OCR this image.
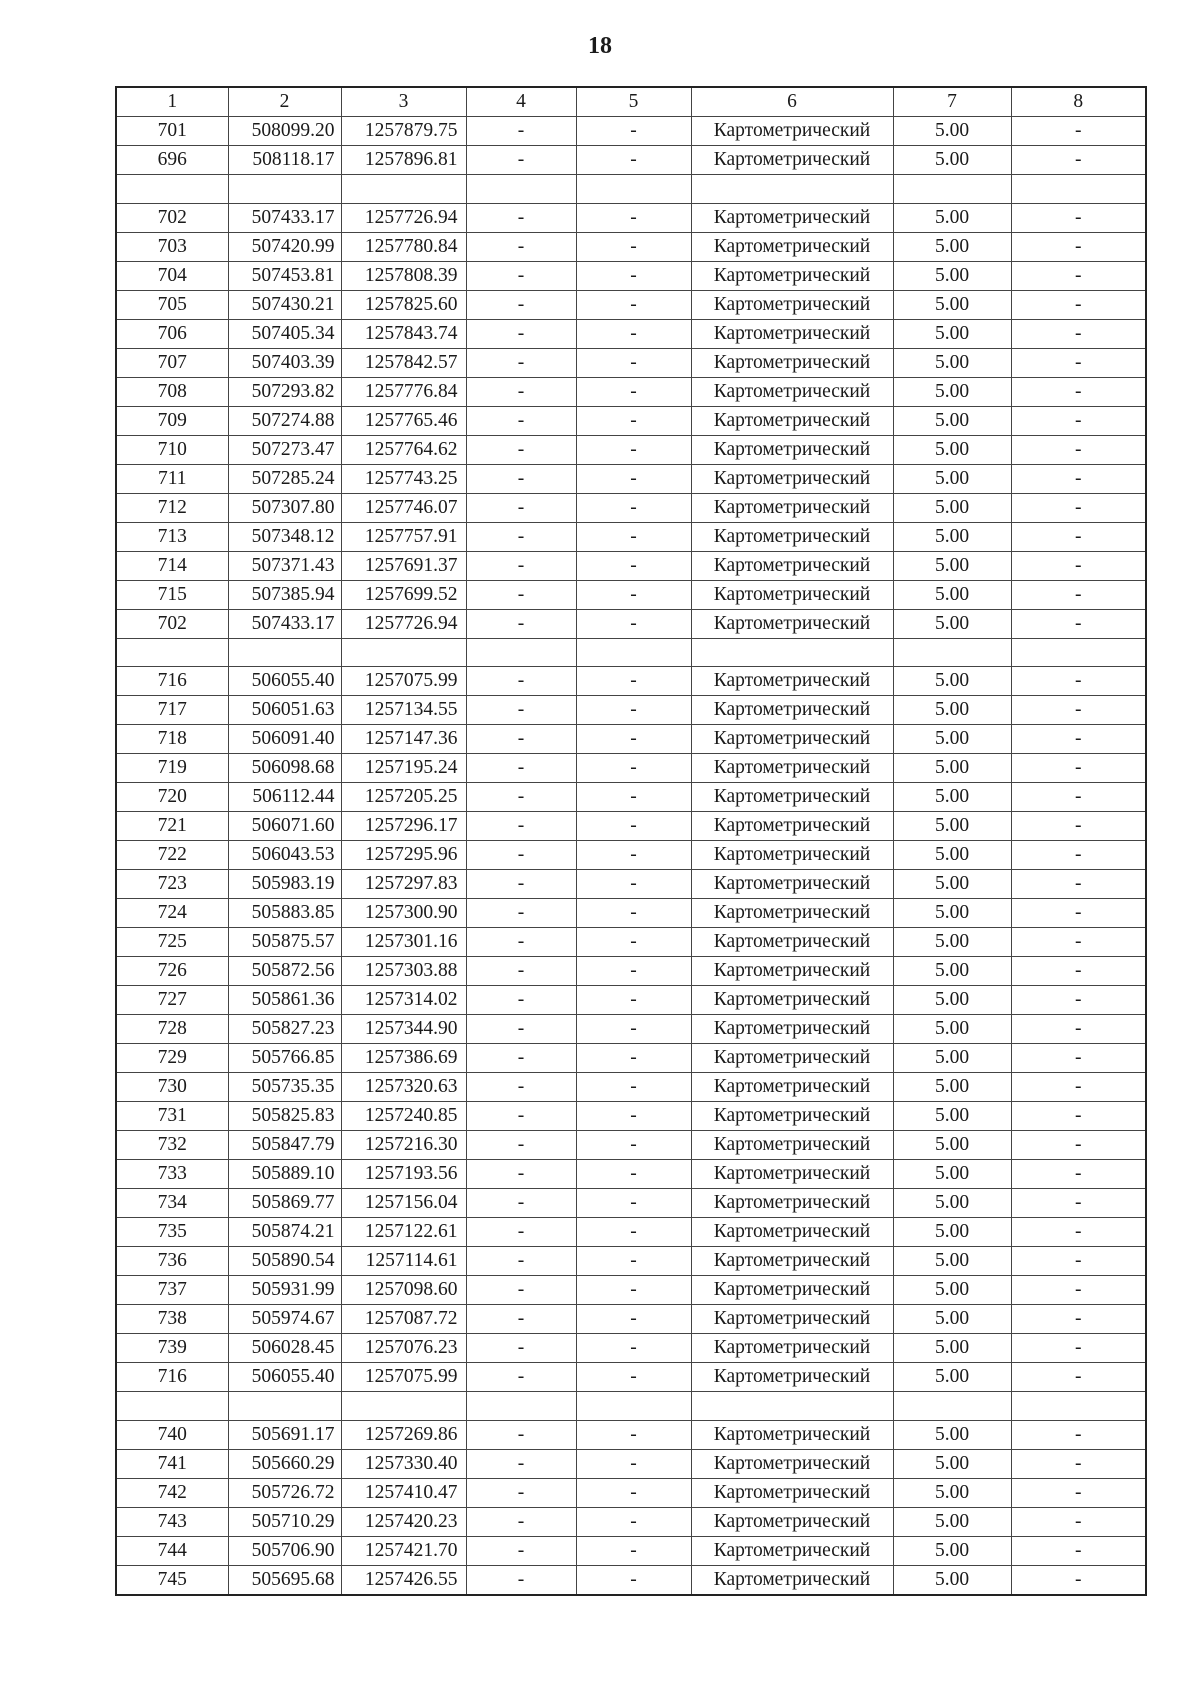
18
1	2	3	4	5	6	7	8
701	508099.20	1257879.75	-	-	Картометрический	5.00	-
696	508118.17	1257896.81	-	-	Картометрический	5.00	-

702	507433.17	1257726.94	-	-	Картометрический	5.00	-
703	507420.99	1257780.84	-	-	Картометрический	5.00	-
704	507453.81	1257808.39	-	-	Картометрический	5.00	-
705	507430.21	1257825.60	-	-	Картометрический	5.00	-
706	507405.34	1257843.74	-	-	Картометрический	5.00	-
707	507403.39	1257842.57	-	-	Картометрический	5.00	-
708	507293.82	1257776.84	-	-	Картометрический	5.00	-
709	507274.88	1257765.46	-	-	Картометрический	5.00	-
710	507273.47	1257764.62	-	-	Картометрический	5.00	-
711	507285.24	1257743.25	-	-	Картометрический	5.00	-
712	507307.80	1257746.07	-	-	Картометрический	5.00	-
713	507348.12	1257757.91	-	-	Картометрический	5.00	-
714	507371.43	1257691.37	-	-	Картометрический	5.00	-
715	507385.94	1257699.52	-	-	Картометрический	5.00	-
702	507433.17	1257726.94	-	-	Картометрический	5.00	-

716	506055.40	1257075.99	-	-	Картометрический	5.00	-
717	506051.63	1257134.55	-	-	Картометрический	5.00	-
718	506091.40	1257147.36	-	-	Картометрический	5.00	-
719	506098.68	1257195.24	-	-	Картометрический	5.00	-
720	506112.44	1257205.25	-	-	Картометрический	5.00	-
721	506071.60	1257296.17	-	-	Картометрический	5.00	-
722	506043.53	1257295.96	-	-	Картометрический	5.00	-
723	505983.19	1257297.83	-	-	Картометрический	5.00	-
724	505883.85	1257300.90	-	-	Картометрический	5.00	-
725	505875.57	1257301.16	-	-	Картометрический	5.00	-
726	505872.56	1257303.88	-	-	Картометрический	5.00	-
727	505861.36	1257314.02	-	-	Картометрический	5.00	-
728	505827.23	1257344.90	-	-	Картометрический	5.00	-
729	505766.85	1257386.69	-	-	Картометрический	5.00	-
730	505735.35	1257320.63	-	-	Картометрический	5.00	-
731	505825.83	1257240.85	-	-	Картометрический	5.00	-
732	505847.79	1257216.30	-	-	Картометрический	5.00	-
733	505889.10	1257193.56	-	-	Картометрический	5.00	-
734	505869.77	1257156.04	-	-	Картометрический	5.00	-
735	505874.21	1257122.61	-	-	Картометрический	5.00	-
736	505890.54	1257114.61	-	-	Картометрический	5.00	-
737	505931.99	1257098.60	-	-	Картометрический	5.00	-
738	505974.67	1257087.72	-	-	Картометрический	5.00	-
739	506028.45	1257076.23	-	-	Картометрический	5.00	-
716	506055.40	1257075.99	-	-	Картометрический	5.00	-

740	505691.17	1257269.86	-	-	Картометрический	5.00	-
741	505660.29	1257330.40	-	-	Картометрический	5.00	-
742	505726.72	1257410.47	-	-	Картометрический	5.00	-
743	505710.29	1257420.23	-	-	Картометрический	5.00	-
744	505706.90	1257421.70	-	-	Картометрический	5.00	-
745	505695.68	1257426.55	-	-	Картометрический	5.00	-
